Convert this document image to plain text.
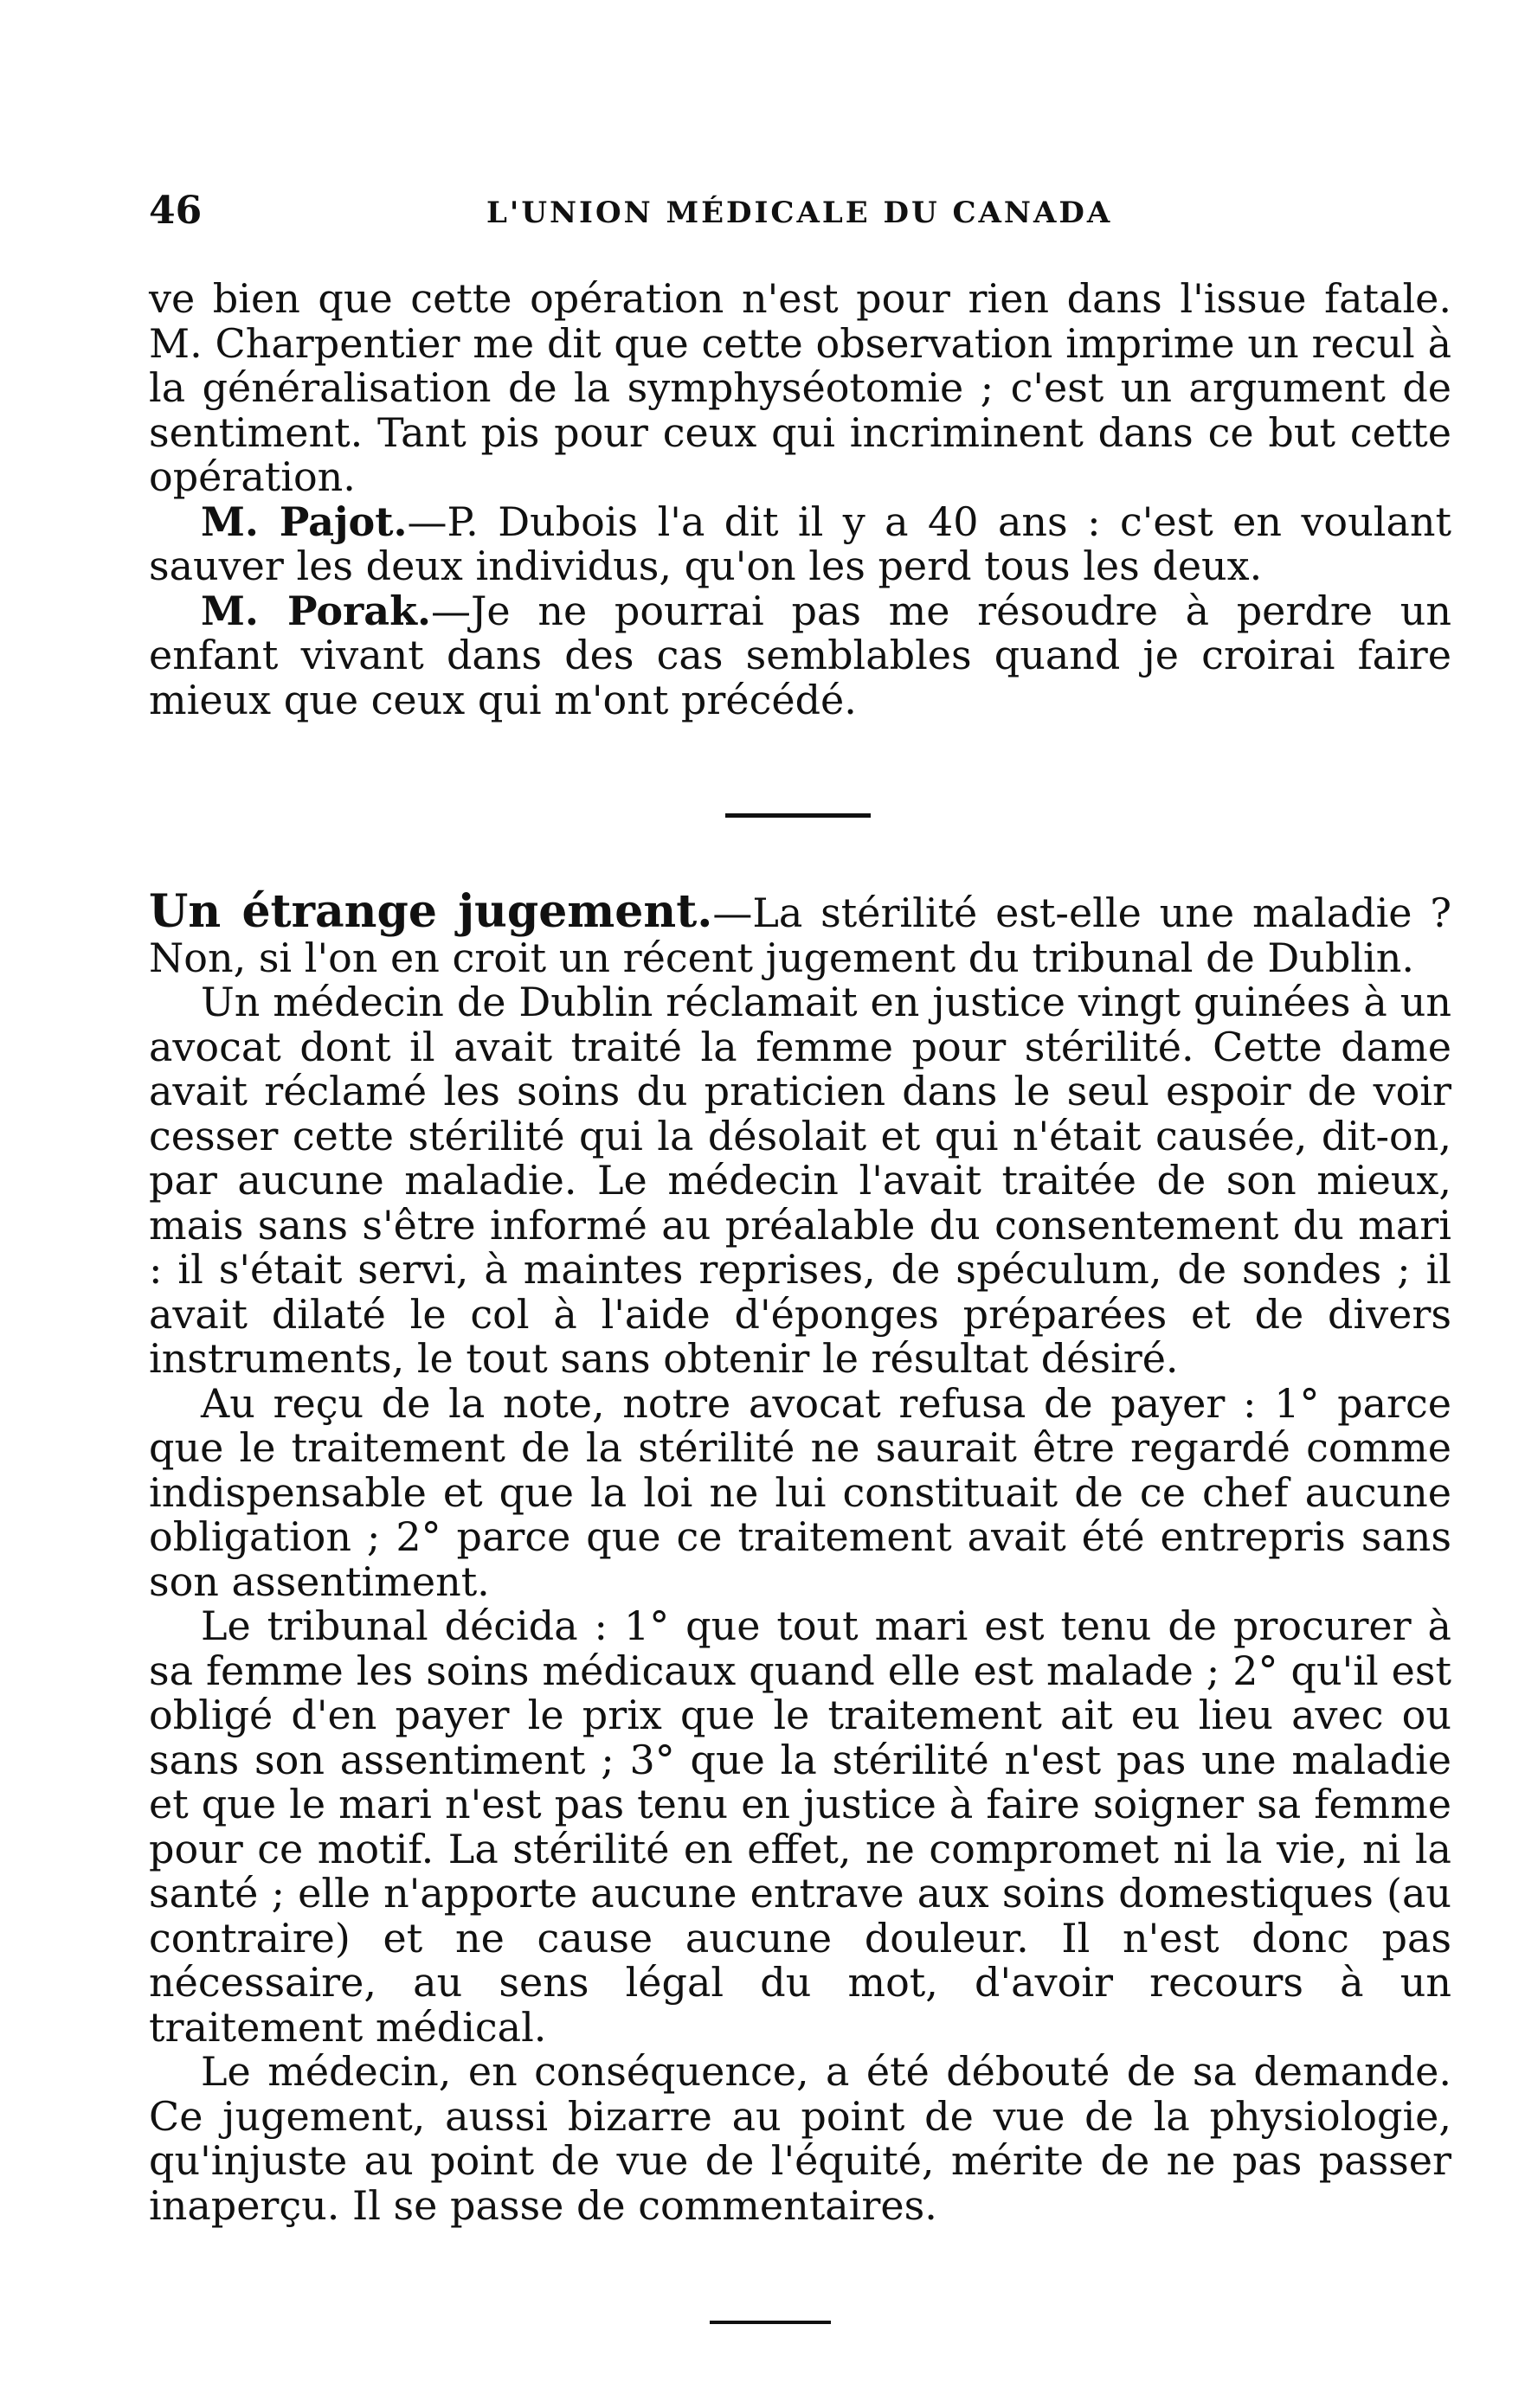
46	L'UNION MÉDICALE DU CANADA

ve bien que cette opération n'est pour rien dans l'issue fatale. M. Charpentier me dit que cette observation imprime un recul à la généralisation de la symphyséotomie ; c'est un argument de sentiment. Tant pis pour ceux qui incriminent dans ce but cette opération.

M. Pajot.—P. Dubois l'a dit il y a 40 ans : c'est en voulant sauver les deux individus, qu'on les perd tous les deux.

M. Porak.—Je ne pourrai pas me résoudre à perdre un enfant vivant dans des cas semblables quand je croirai faire mieux que ceux qui m'ont précédé.

Un étrange jugement.—La stérilité est-elle une maladie ? Non, si l'on en croit un récent jugement du tribunal de Dublin.

Un médecin de Dublin réclamait en justice vingt guinées à un avocat dont il avait traité la femme pour stérilité. Cette dame avait réclamé les soins du praticien dans le seul espoir de voir cesser cette stérilité qui la désolait et qui n'était causée, dit-on, par aucune maladie. Le médecin l'avait traitée de son mieux, mais sans s'être informé au préalable du consentement du mari : il s'était servi, à maintes reprises, de spéculum, de sondes ; il avait dilaté le col à l'aide d'éponges préparées et de divers instruments, le tout sans obtenir le résultat désiré.

Au reçu de la note, notre avocat refusa de payer : 1° parce que le traitement de la stérilité ne saurait être regardé comme indispensable et que la loi ne lui constituait de ce chef aucune obligation ; 2° parce que ce traitement avait été entrepris sans son assentiment.

Le tribunal décida : 1° que tout mari est tenu de procurer à sa femme les soins médicaux quand elle est malade ; 2° qu'il est obligé d'en payer le prix que le traitement ait eu lieu avec ou sans son assentiment ; 3° que la stérilité n'est pas une maladie et que le mari n'est pas tenu en justice à faire soigner sa femme pour ce motif. La stérilité en effet, ne compromet ni la vie, ni la santé ; elle n'apporte aucune entrave aux soins domestiques (au contraire) et ne cause aucune douleur. Il n'est donc pas nécessaire, au sens légal du mot, d'avoir recours à un traitement médical.

Le médecin, en conséquence, a été débouté de sa demande. Ce jugement, aussi bizarre au point de vue de la physiologie, qu'injuste au point de vue de l'équité, mérite de ne pas passer inaperçu. Il se passe de commentaires.
